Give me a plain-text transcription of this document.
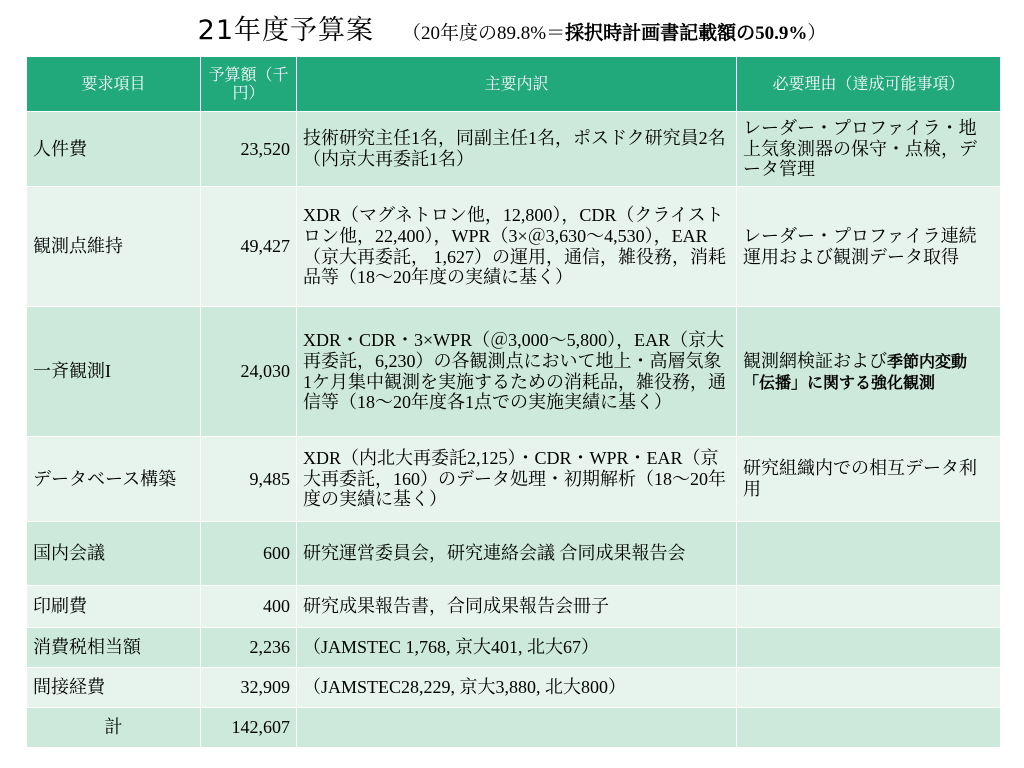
21年度予算案 （20年度の89.8%＝採択時計画書記載額の50.9%）
要求項目	予算額（千円）	主要内訳	必要理由（達成可能事項）
人件費	23,520	技術研究主任1名，同副主任1名，ポスドク研究員2名（内京大再委託1名）	レーダー・プロファイラ・地上気象測器の保守・点検，データ管理
観測点維持	49,427	XDR（マグネトロン他，12,800），CDR（クライストロン他，22,400），WPR（3×＠3,630～4,530），EAR（京大再委託， 1,627）の運用，通信，雑役務，消耗品等（18～20年度の実績に基く）	レーダー・プロファイラ連続運用および観測データ取得
一斉観測I	24,030	XDR・CDR・3×WPR（＠3,000～5,800），EAR（京大再委託，6,230）の各観測点において地上・高層気象1ケ月集中観測を実施するための消耗品，雑役務，通信等（18～20年度各1点での実施実績に基く）	観測網検証および季節内変動「伝播」に関する強化観測
データベース構築	9,485	XDR（内北大再委託2,125）・CDR・WPR・EAR（京大再委託，160）のデータ処理・初期解析（18～20年度の実績に基く）	研究組織内での相互データ利用
国内会議	600	研究運営委員会，研究連絡会議 合同成果報告会	
印刷費	400	研究成果報告書，合同成果報告会冊子	
消費税相当額	2,236	（JAMSTEC 1,768, 京大401, 北大67）	
間接経費	32,909	（JAMSTEC28,229, 京大3,880, 北大800）	
計	142,607		
